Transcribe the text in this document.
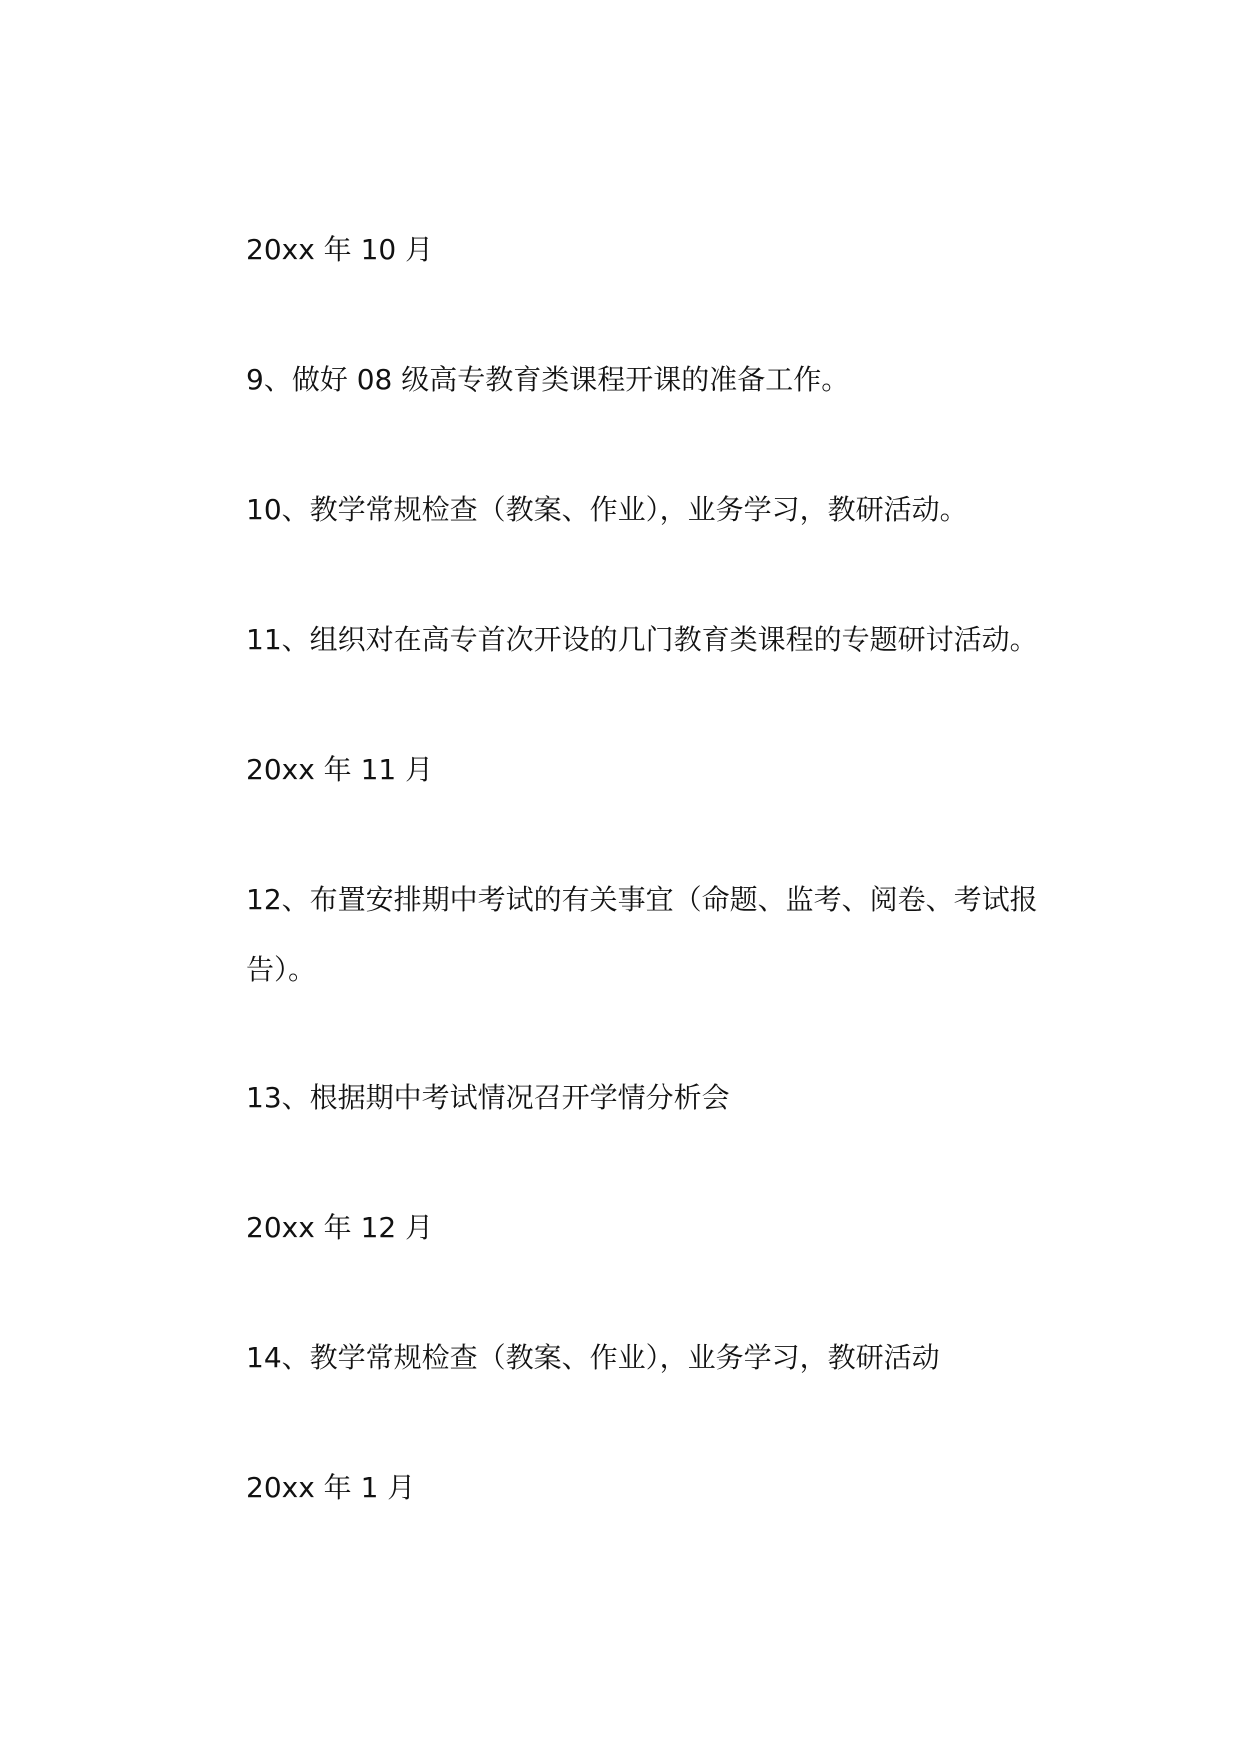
20xx 年 10 月

9、做好 08 级高专教育类课程开课的准备工作。

10、教学常规检查（教案、作业），业务学习，教研活动。

11、组织对在高专首次开设的几门教育类课程的专题研讨活动。

20xx 年 11 月

12、布置安排期中考试的有关事宜（命题、监考、阅卷、考试报告）。

13、根据期中考试情况召开学情分析会

20xx 年 12 月

14、教学常规检查（教案、作业），业务学习，教研活动

20xx 年 1 月
